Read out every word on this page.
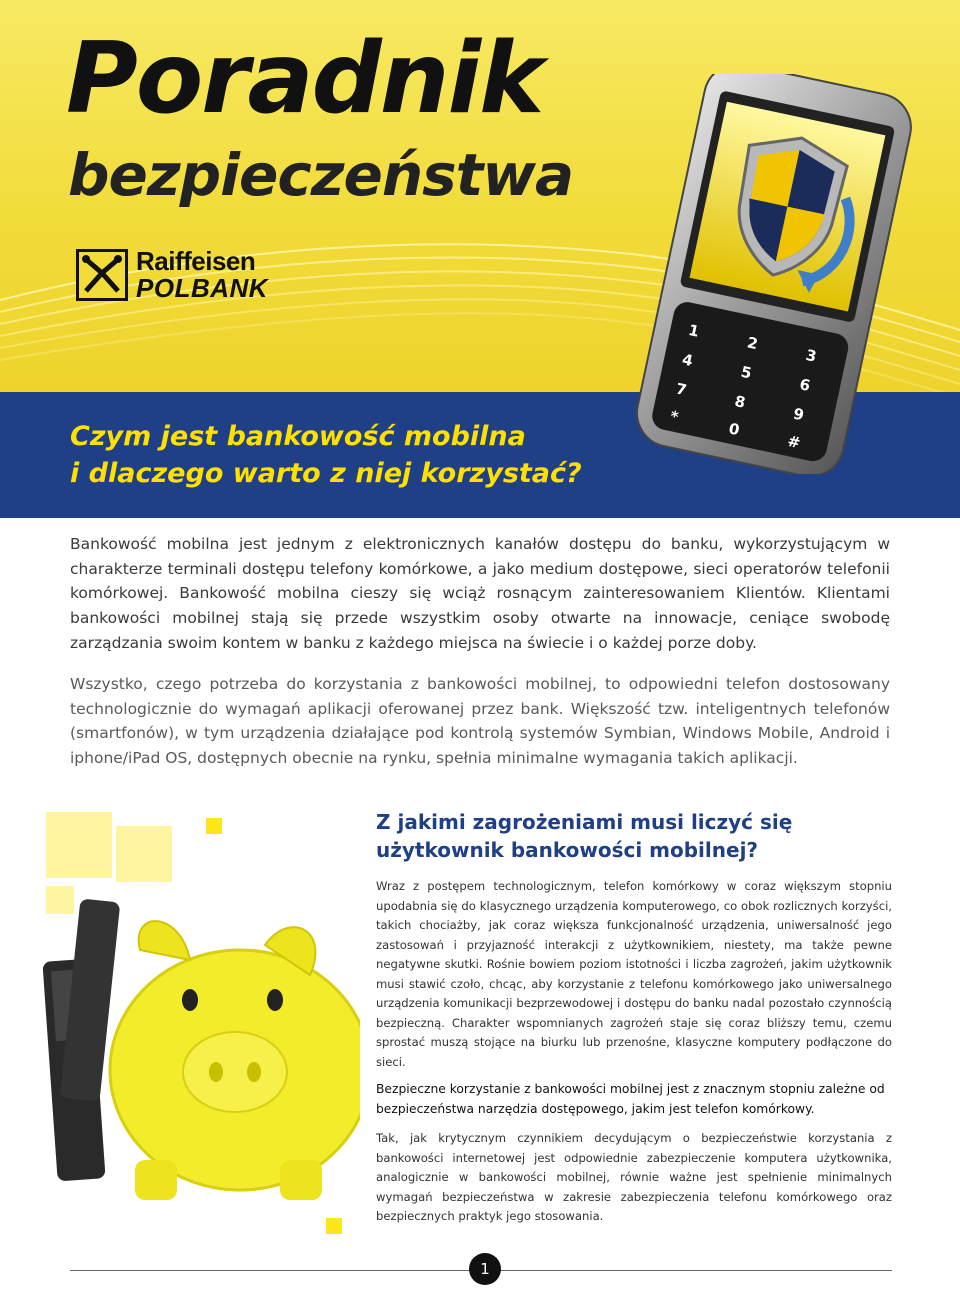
Poradnik
bezpieczeństwa
Raiffeisen
POLBANK
Czym jest bankowość mobilna
i dlaczego warto z niej korzystać?
1
2
3
4
5
6
7
8
9
*
0
#

Bankowość mobilna jest jednym z elektronicznych kanałów dostępu do banku, wykorzystującym w charakterze terminali dostępu telefony komórkowe, a jako medium dostępowe, sieci operatorów telefonii komórkowej. Bankowość mobilna cieszy się wciąż rosnącym zainteresowaniem Klientów. Klientami bankowości mobilnej stają się przede wszystkim osoby otwarte na innowacje, ceniące swobodę zarządzania swoim kontem w banku z każdego miejsca na świecie i o każdej porze doby.

Wszystko, czego potrzeba do korzystania z bankowości mobilnej, to odpowiedni telefon dostosowany technologicznie do wymagań aplikacji oferowanej przez bank. Większość tzw. inteligentnych telefonów (smartfonów), w tym urządzenia działające pod kontrolą systemów Symbian, Windows Mobile, Android i iphone/iPad OS, dostępnych obecnie na rynku, spełnia minimalne wymagania takich aplikacji.

Z jakimi zagrożeniami musi liczyć się
użytkownik bankowości mobilnej?

Wraz z postępem technologicznym, telefon komórkowy w coraz większym stopniu upodabnia się do klasycznego urządzenia komputerowego, co obok rozlicznych korzyści, takich chociażby, jak coraz większa funkcjonalność urządzenia, uniwersalność jego zastosowań i przyjazność interakcji z użytkownikiem, niestety, ma także pewne negatywne skutki. Rośnie bowiem poziom istotności i liczba zagrożeń, jakim użytkownik musi stawić czoło, chcąc, aby korzystanie z telefonu komórkowego jako uniwersalnego urządzenia komunikacji bezprzewodowej i dostępu do banku nadal pozostało czynnością bezpieczną. Charakter wspomnianych zagrożeń staje się coraz bliższy temu, czemu sprostać muszą stojące na biurku lub przenośne, klasyczne komputery podłączone do sieci.

Bezpieczne korzystanie z bankowości mobilnej jest z znacznym stopniu zależne od bezpieczeństwa narzędzia dostępowego, jakim jest telefon komórkowy.

Tak, jak krytycznym czynnikiem decydującym o bezpieczeństwie korzystania z bankowości internetowej jest odpowiednie zabezpieczenie komputera użytkownika, analogicznie w bankowości mobilnej, równie ważne jest spełnienie minimalnych wymagań bezpieczeństwa w zakresie zabezpieczenia telefonu komórkowego oraz bezpiecznych praktyk jego stosowania.

1
